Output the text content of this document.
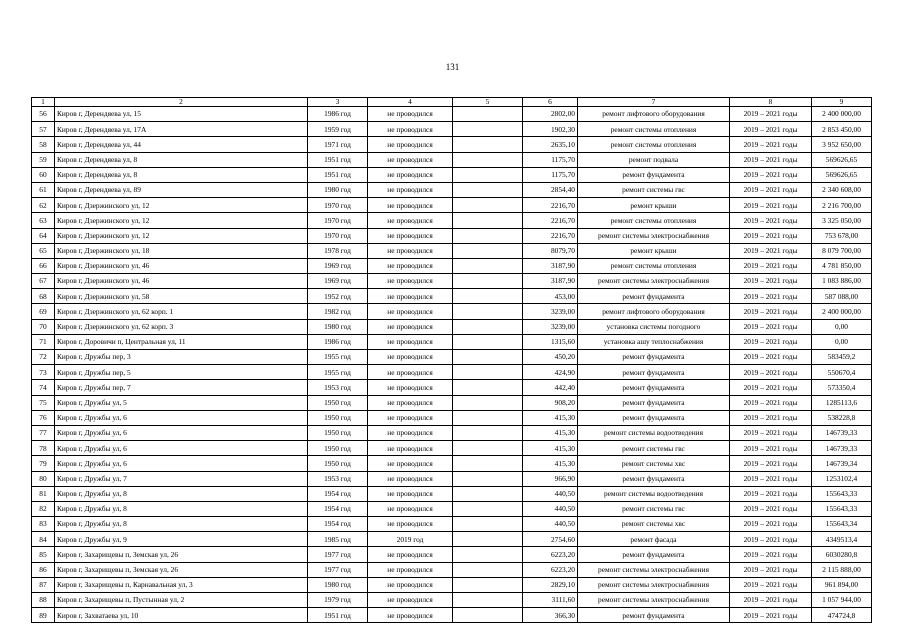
131
1	2	3	4	5	6	7	8	9
56	Киров г, Дерендяева ул, 15	1986 год	не проводился		2802,00	ремонт лифтового оборудования	2019 – 2021 годы	2 400 000,00
57	Киров г, Дерендяева ул, 17А	1959 год	не проводился		1902,30	ремонт системы отопления	2019 – 2021 годы	2 853 450,00
58	Киров г, Дерендяева ул, 44	1971 год	не проводился		2635,10	ремонт системы отопления	2019 – 2021 годы	3 952 650,00
59	Киров г, Дерендяева ул, 8	1951 год	не проводился		1175,70	ремонт подвала	2019 – 2021 годы	569626,65
60	Киров г, Дерендяева ул, 8	1951 год	не проводился		1175,70	ремонт фундамента	2019 – 2021 годы	569626,65
61	Киров г, Дерендяева ул, 89	1980 год	не проводился		2854,40	ремонт системы гвс	2019 – 2021 годы	2 340 608,00
62	Киров г, Дзержинского ул, 12	1970 год	не проводился		2216,70	ремонт крыши	2019 – 2021 годы	2 216 700,00
63	Киров г, Дзержинского ул, 12	1970 год	не проводился		2216,70	ремонт системы отопления	2019 – 2021 годы	3 325 050,00
64	Киров г, Дзержинского ул, 12	1970 год	не проводился		2216,70	ремонт системы электроснабжения	2019 – 2021 годы	753 678,00
65	Киров г, Дзержинского ул, 18	1978 год	не проводился		8079,70	ремонт крыши	2019 – 2021 годы	8 079 700,00
66	Киров г, Дзержинского ул, 46	1969 год	не проводился		3187,90	ремонт системы отопления	2019 – 2021 годы	4 781 850,00
67	Киров г, Дзержинского ул, 46	1969 год	не проводился		3187,90	ремонт системы электроснабжения	2019 – 2021 годы	1 083 886,00
68	Киров г, Дзержинского ул, 58	1952 год	не проводился		453,00	ремонт фундамента	2019 – 2021 годы	587 088,00
69	Киров г, Дзержинского ул, 62 корп. 1	1982 год	не проводился		3239,00	ремонт лифтового оборудования	2019 – 2021 годы	2 400 000,00
70	Киров г, Дзержинского ул, 62 корп. 3	1980 год	не проводился		3239,00	установка системы погодного	2019 – 2021 годы	0,00
71	Киров г, Доровичи п, Центральная ул, 11	1986 год	не проводился		1315,60	установка ашу теплоснабжения	2019 – 2021 годы	0,00
72	Киров г, Дружбы пер, 3	1955 год	не проводился		450,20	ремонт фундамента	2019 – 2021 годы	583459,2
73	Киров г, Дружбы пер, 5	1955 год	не проводился		424,90	ремонт фундамента	2019 – 2021 годы	550670,4
74	Киров г, Дружбы пер, 7	1953 год	не проводился		442,40	ремонт фундамента	2019 – 2021 годы	573350,4
75	Киров г, Дружбы ул, 5	1950 год	не проводился		908,20	ремонт фундамента	2019 – 2021 годы	1285113,6
76	Киров г, Дружбы ул, 6	1950 год	не проводился		415,30	ремонт фундамента	2019 – 2021 годы	538228,8
77	Киров г, Дружбы ул, 6	1950 год	не проводился		415,30	ремонт системы водоотведения	2019 – 2021 годы	146739,33
78	Киров г, Дружбы ул, 6	1950 год	не проводился		415,30	ремонт системы гвс	2019 – 2021 годы	146739,33
79	Киров г, Дружбы ул, 6	1950 год	не проводился		415,30	ремонт системы хвс	2019 – 2021 годы	146739,34
80	Киров г, Дружбы ул, 7	1953 год	не проводился		966,90	ремонт фундамента	2019 – 2021 годы	1253102,4
81	Киров г, Дружбы ул, 8	1954 год	не проводился		440,50	ремонт системы водоотведения	2019 – 2021 годы	155643,33
82	Киров г, Дружбы ул, 8	1954 год	не проводился		440,50	ремонт системы гвс	2019 – 2021 годы	155643,33
83	Киров г, Дружбы ул, 8	1954 год	не проводился		440,50	ремонт системы хвс	2019 – 2021 годы	155643,34
84	Киров г, Дружбы ул, 9	1985 год	2019 год		2754,60	ремонт фасада	2019 – 2021 годы	4349513,4
85	Киров г, Захарищевы п, Земская ул, 26	1977 год	не проводился		6223,20	ремонт фундамента	2019 – 2021 годы	6030280,8
86	Киров г, Захарищевы п, Земская ул, 26	1977 год	не проводился		6223,20	ремонт системы электроснабжения	2019 – 2021 годы	2 115 888,00
87	Киров г, Захарищевы п, Карнавальная ул, 3	1980 год	не проводился		2829,10	ремонт системы электроснабжения	2019 – 2021 годы	961 894,00
88	Киров г, Захарищевы п, Пустынная ул, 2	1979 год	не проводился		3111,60	ремонт системы электроснабжения	2019 – 2021 годы	1 057 944,00
89	Киров г, Захватаева ул, 10	1951 год	не проводился		366,30	ремонт фундамента	2019 – 2021 годы	474724,8
